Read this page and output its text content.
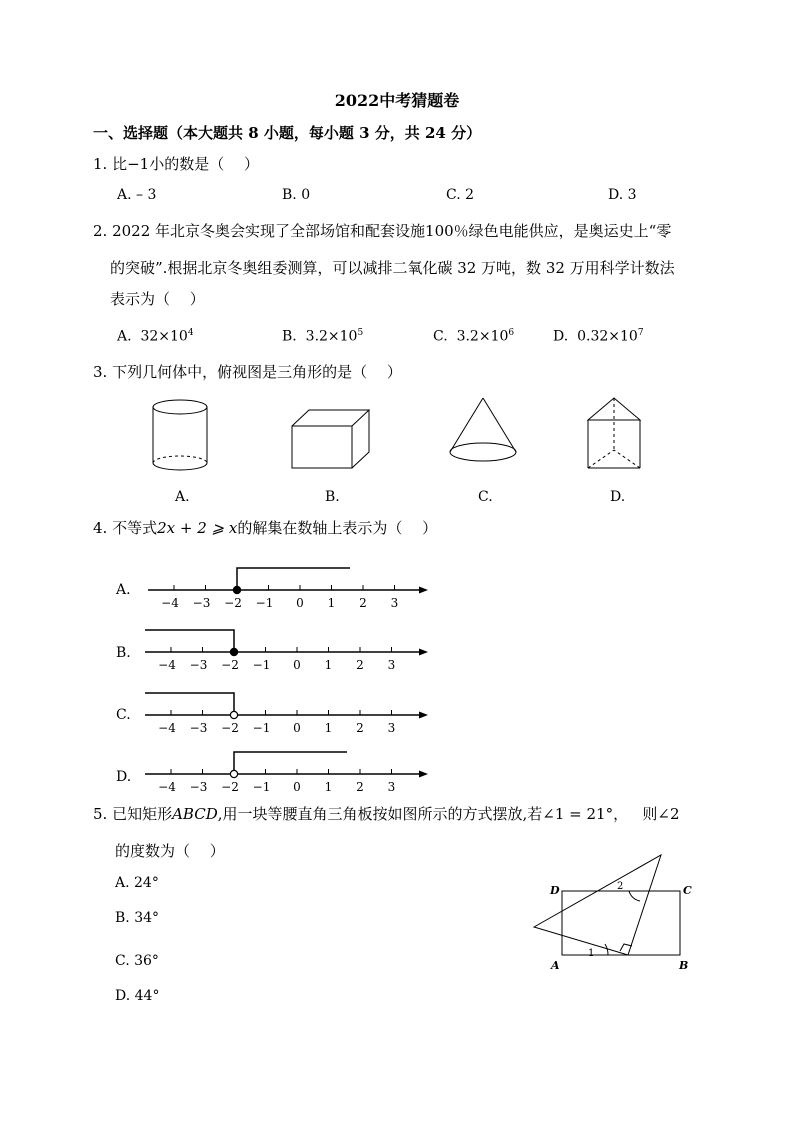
2022中考猜题卷
一、选择题（本大题共 8 小题，每小题 3 分，共 24 分）
1. 比−1小的数是（　 ）
A. – 3	B. 0	C. 2	D. 3
2. 2022 年北京冬奥会实现了全部场馆和配套设施100％绿色电能供应，是奥运史上“零
的突破”.根据北京冬奥组委测算，可以减排二氧化碳 32 万吨，数 32 万用科学计数法
表示为（　 ）
A. $32\times 10^4$	B. $3.2\times 10^5$	C. $3.2\times 10^6$	D. $0.32\times 10^7$
3. 下列几何体中，俯视图是三角形的是（　 ）
A.	B.	C.	D.
4. 不等式2x + 2 ⩾ x的解集在数轴上表示为（　 ）
A.
B.
C.
D.
−4 −3 −2 −1 0 1 2 3
−4 −3 −2 −1 0 1 2 3
−4 −3 −2 −1 0 1 2 3
−4 −3 −2 −1 0 1 2 3
5. 已知矩形ABCD,用一块等腰直角三角板按如图所示的方式摆放,若∠1 = 21°， 则∠2
的度数为（　 ）
A. 24°
B. 34°
C. 36°
D. 44°
D	C
A	B
1
2
